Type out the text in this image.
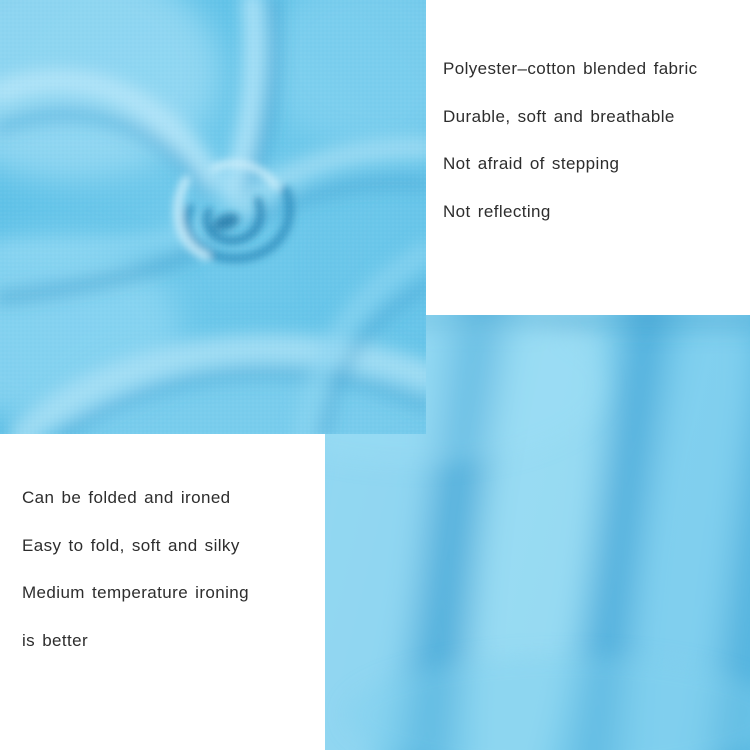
Polyester–cotton blended fabric
Durable, soft and breathable
Not afraid of stepping
Not reflecting
Can be folded and ironed
Easy to fold, soft and silky
Medium temperature ironing
is better
